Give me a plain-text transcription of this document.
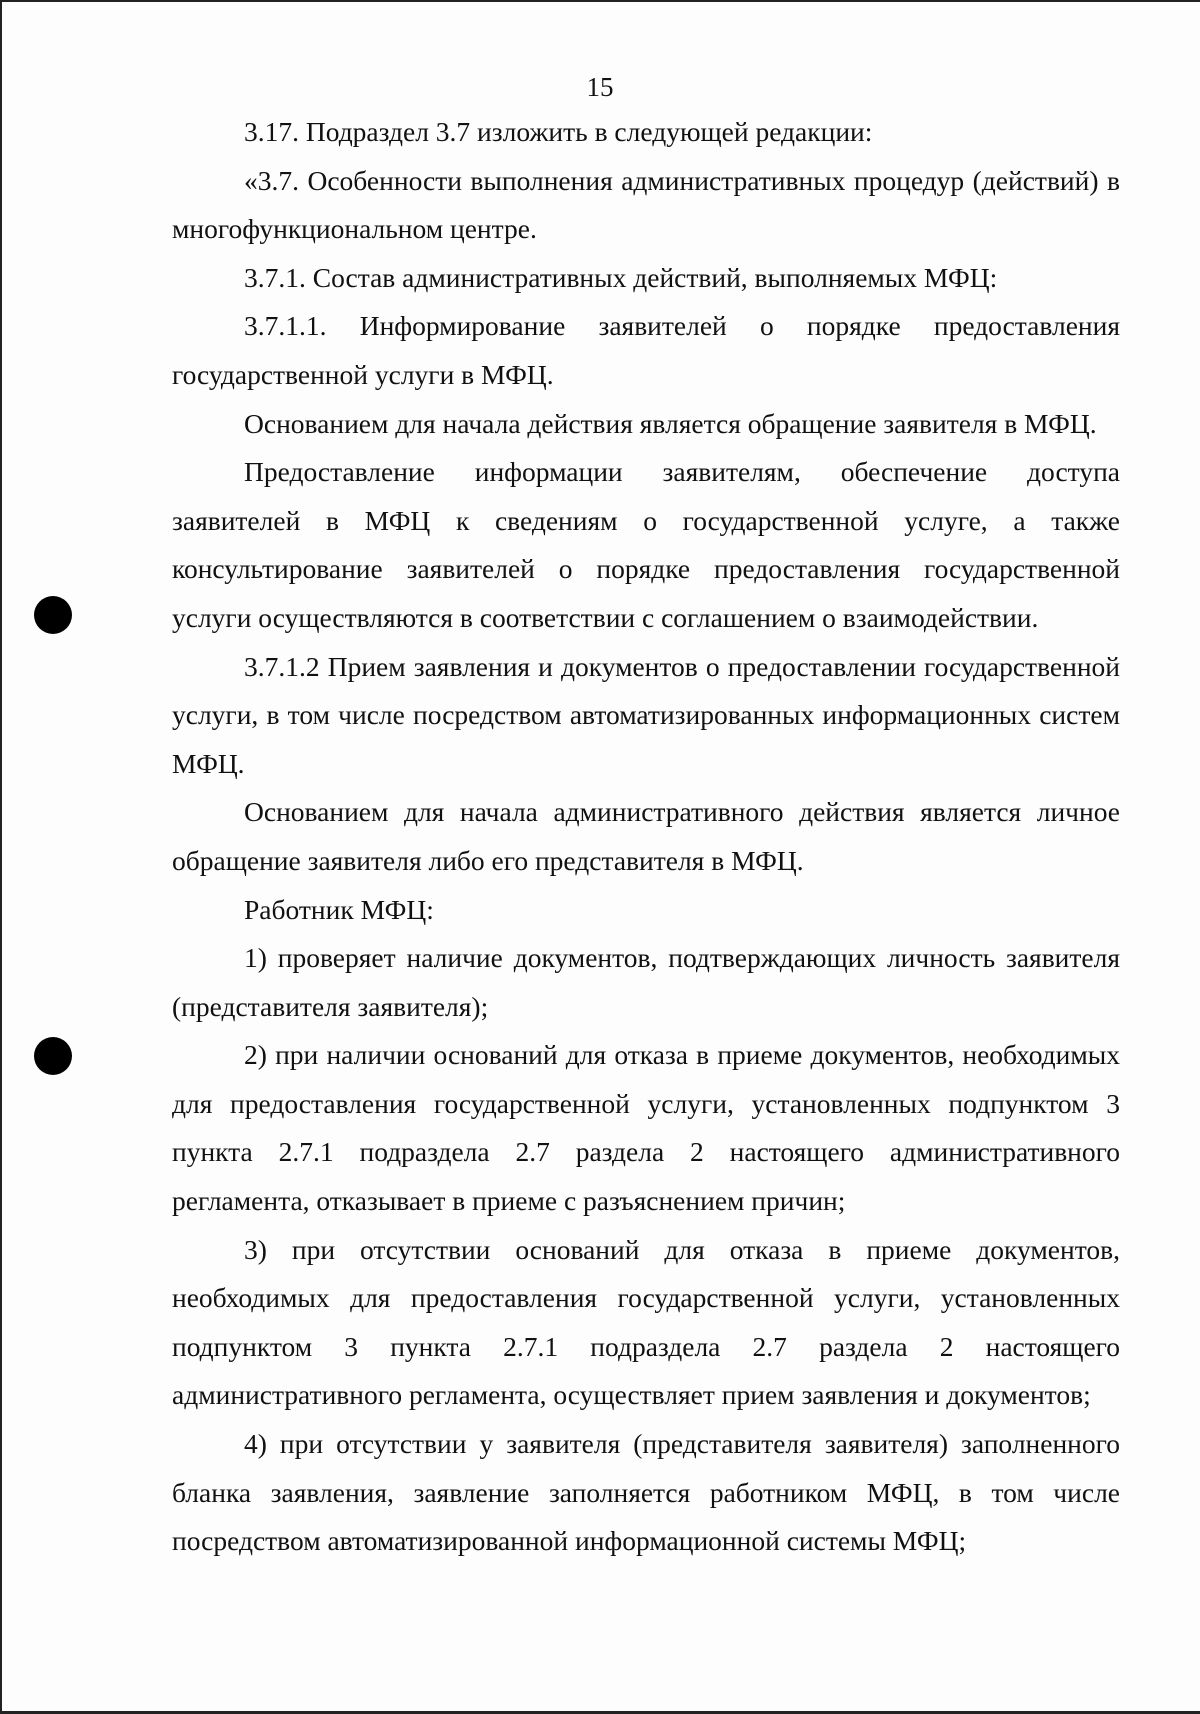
15

3.17. Подраздел 3.7 изложить в следующей редакции:

«3.7. Особенности выполнения административных процедур (действий) в многофункциональном центре.

3.7.1. Состав административных действий, выполняемых МФЦ:

3.7.1.1. Информирование заявителей о порядке предоставления государственной услуги в МФЦ.

Основанием для начала действия является обращение заявителя в МФЦ.

Предоставление информации заявителям, обеспечение доступа заявителей в МФЦ к сведениям о государственной услуге, а также консультирование заявителей о порядке предоставления государственной услуги осуществляются в соответствии с соглашением о взаимодействии.

3.7.1.2 Прием заявления и документов о предоставлении государственной услуги, в том числе посредством автоматизированных информационных систем МФЦ.

Основанием для начала административного действия является личное обращение заявителя либо его представителя в МФЦ.

Работник МФЦ:

1) проверяет наличие документов, подтверждающих личность заявителя (представителя заявителя);

2) при наличии оснований для отказа в приеме документов, необходимых для предоставления государственной услуги, установленных подпунктом 3 пункта 2.7.1 подраздела 2.7 раздела 2 настоящего административного регламента, отказывает в приеме с разъяснением причин;

3) при отсутствии оснований для отказа в приеме документов, необходимых для предоставления государственной услуги, установленных подпунктом 3 пункта 2.7.1 подраздела 2.7 раздела 2 настоящего административного регламента, осуществляет прием заявления и документов;

4) при отсутствии у заявителя (представителя заявителя) заполненного бланка заявления, заявление заполняется работником МФЦ, в том числе посредством автоматизированной информационной системы МФЦ;
